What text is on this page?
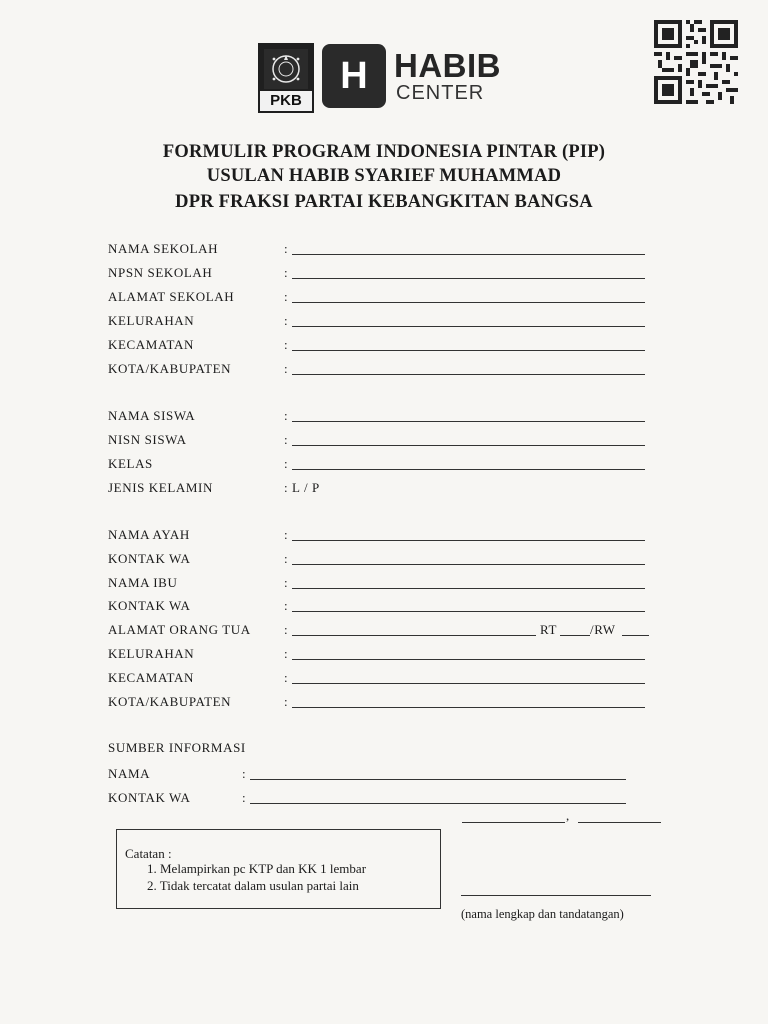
PKB
H HABIB
CENTER
FORMULIR PROGRAM INDONESIA PINTAR (PIP)
USULAN HABIB SYARIEF MUHAMMAD
DPR FRAKSI PARTAI KEBANGKITAN BANGSA
NAMA SEKOLAH	:
NPSN SEKOLAH	:
ALAMAT SEKOLAH	:
KELURAHAN	:
KECAMATAN	:
KOTA/KABUPATEN	:
NAMA SISWA	:
NISN SISWA	:
KELAS	:
JENIS KELAMIN	: L / P
NAMA AYAH	:
KONTAK WA	:
NAMA IBU	:
KONTAK WA	:
ALAMAT ORANG TUA	:	RT	/RW
KELURAHAN	:
KECAMATAN	:
KOTA/KABUPATEN	:
SUMBER INFORMASI
NAMA	:
KONTAK WA	:
Catatan :
1. Melampirkan pc KTP dan KK 1 lembar
2. Tidak tercatat dalam usulan partai lain
,
(nama lengkap dan tandatangan)
